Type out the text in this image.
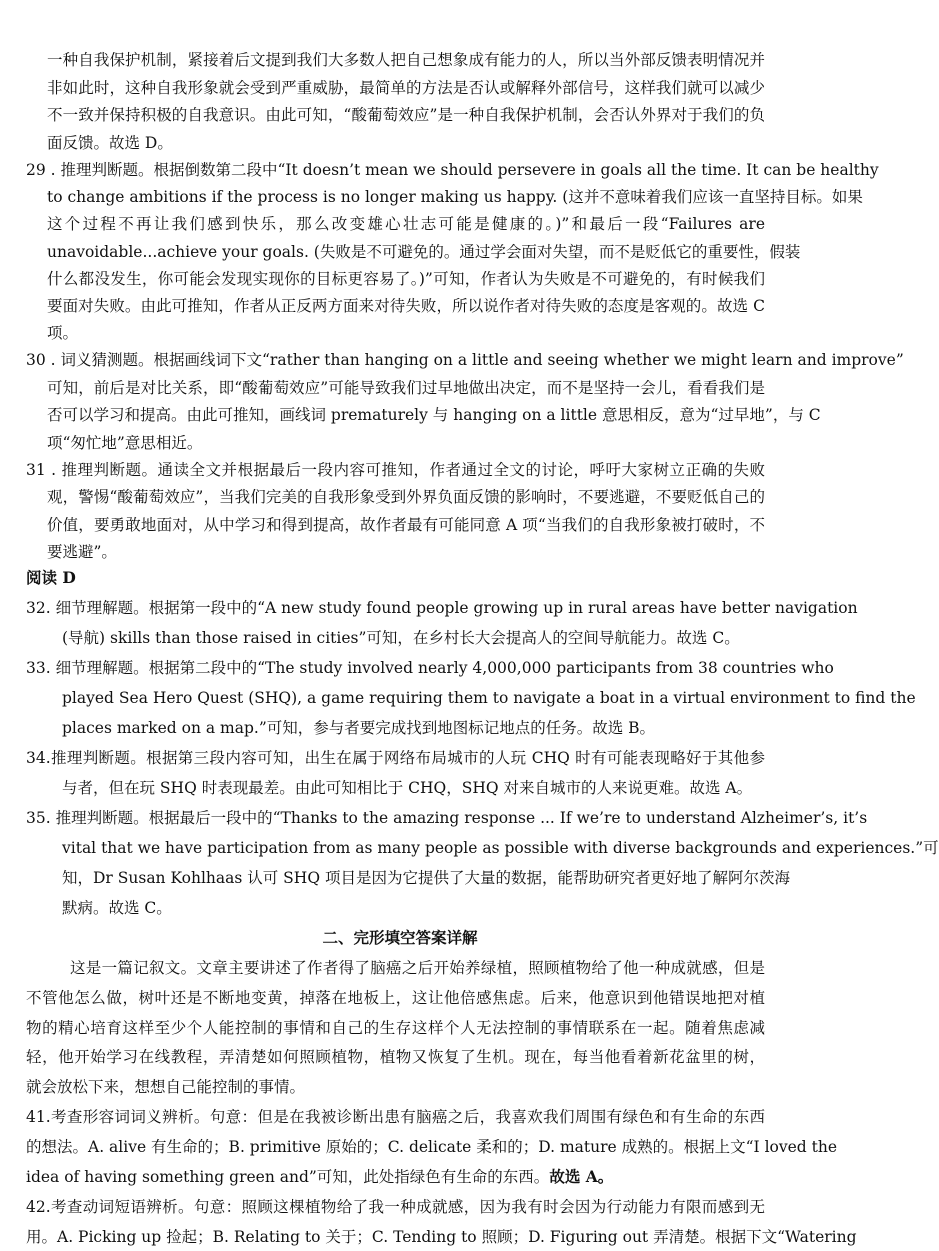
一种自我保护机制，紧接着后文提到我们大多数人把自己想象成有能力的人，所以当外部反馈表明情况并
非如此时，这种自我形象就会受到严重威胁，最简单的方法是否认或解释外部信号，这样我们就可以减少
不一致并保持积极的自我意识。由此可知，“酸葡萄效应”是一种自我保护机制，会否认外界对于我们的负
面反馈。故选 D。
29 . 推理判断题。根据倒数第二段中“It doesn’t mean we should persevere in goals all the time. It can be healthy
to change ambitions if the process is no longer making us happy. (这并不意味着我们应该一直坚持目标。如果
这个过程不再让我们感到快乐，那么改变雄心壮志可能是健康的。)”和最后一段“Failures are
unavoidable...achieve your goals. (失败是不可避免的。通过学会面对失望，而不是贬低它的重要性，假装
什么都没发生，你可能会发现实现你的目标更容易了。)”可知，作者认为失败是不可避免的，有时候我们
要面对失败。由此可推知，作者从正反两方面来对待失败，所以说作者对待失败的态度是客观的。故选 C
项。
30 . 词义猜测题。根据画线词下文“rather than hanging on a little and seeing whether we might learn and improve”
可知，前后是对比关系，即“酸葡萄效应”可能导致我们过早地做出决定，而不是坚持一会儿，看看我们是
否可以学习和提高。由此可推知，画线词 prematurely 与 hanging on a little 意思相反，意为“过早地”，与 C
项“匆忙地”意思相近。
31 . 推理判断题。通读全文并根据最后一段内容可推知，作者通过全文的讨论，呼吁大家树立正确的失败
观，警惕“酸葡萄效应”，当我们完美的自我形象受到外界负面反馈的影响时，不要逃避，不要贬低自己的
价值，要勇敢地面对，从中学习和得到提高，故作者最有可能同意 A 项“当我们的自我形象被打破时，不
要逃避”。
阅读 D
32. 细节理解题。根据第一段中的“A new study found people growing up in rural areas have better navigation
(导航) skills than those raised in cities”可知，在乡村长大会提高人的空间导航能力。故选 C。
33. 细节理解题。根据第二段中的“The study involved nearly 4,000,000 participants from 38 countries who
played Sea Hero Quest (SHQ), a game requiring them to navigate a boat in a virtual environment to find the
places marked on a map.”可知，参与者要完成找到地图标记地点的任务。故选 B。
34.推理判断题。根据第三段内容可知，出生在属于网络布局城市的人玩 CHQ 时有可能表现略好于其他参
与者，但在玩 SHQ 时表现最差。由此可知相比于 CHQ，SHQ 对来自城市的人来说更难。故选 A。
35. 推理判断题。根据最后一段中的“Thanks to the amazing response ... If we’re to understand Alzheimer’s, it’s
vital that we have participation from as many people as possible with diverse backgrounds and experiences.”可
知，Dr Susan Kohlhaas 认可 SHQ 项目是因为它提供了大量的数据，能帮助研究者更好地了解阿尔茨海
默病。故选 C。
二、完形填空答案详解
这是一篇记叙文。文章主要讲述了作者得了脑癌之后开始养绿植，照顾植物给了他一种成就感，但是
不管他怎么做，树叶还是不断地变黄，掉落在地板上，这让他倍感焦虑。后来，他意识到他错误地把对植
物的精心培育这样至少个人能控制的事情和自己的生存这样个人无法控制的事情联系在一起。随着焦虑减
轻，他开始学习在线教程，弄清楚如何照顾植物，植物又恢复了生机。现在，每当他看着新花盆里的树，
就会放松下来，想想自己能控制的事情。
41.考查形容词词义辨析。句意：但是在我被诊断出患有脑癌之后，我喜欢我们周围有绿色和有生命的东西
的想法。A. alive 有生命的；B. primitive 原始的；C. delicate 柔和的；D. mature 成熟的。根据上文“I loved the
idea of having something green and”可知，此处指绿色有生命的东西。故选 A。
42.考查动词短语辨析。句意：照顾这棵植物给了我一种成就感，因为我有时会因为行动能力有限而感到无
用。A. Picking up 捡起；B. Relating to 关于；C. Tending to 照顾；D. Figuring out 弄清楚。根据下文“Watering
